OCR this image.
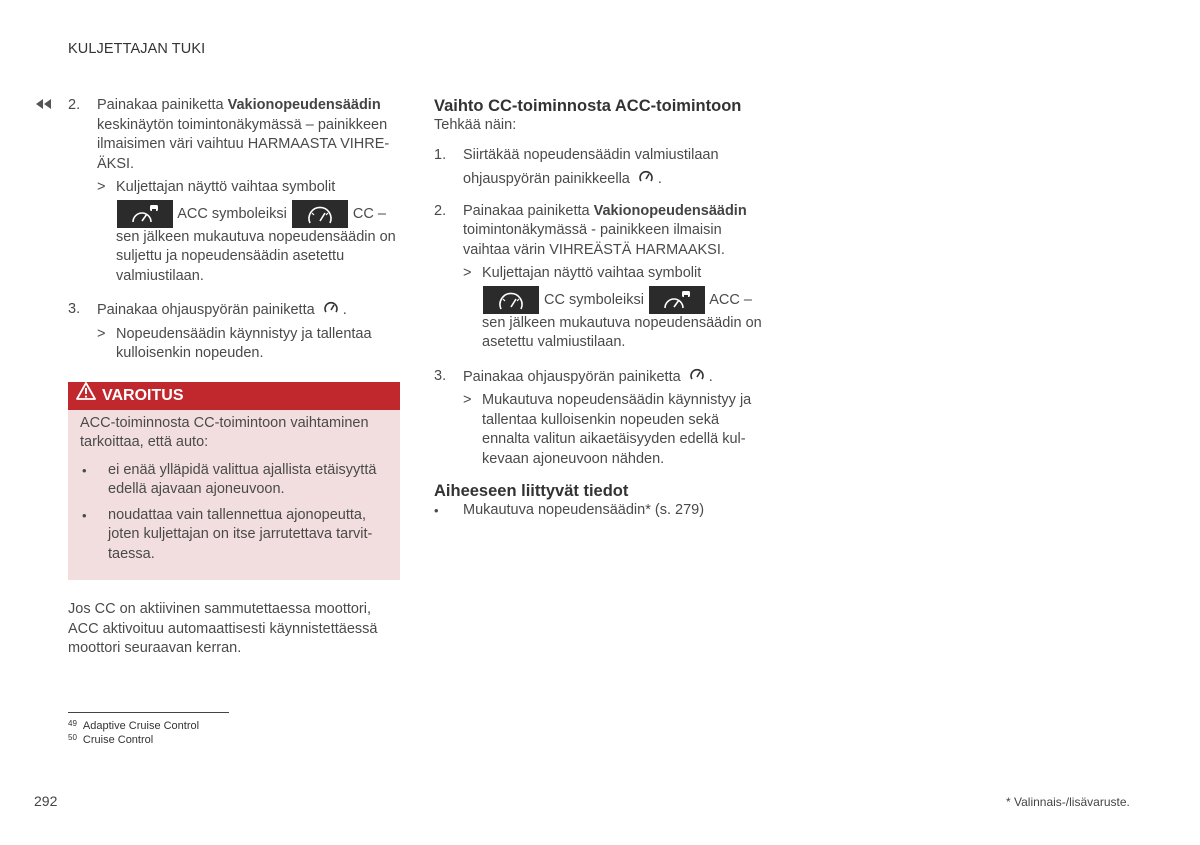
KULJETTAJAN TUKI
2. Painakaa painiketta Vakionopeudensäädin keskinäytön toimintonäkymässä – painikkeen ilmaisimen väri vaihtuu HARMAASTA VIHRE-ÄKSI.
> Kuljettajan näyttö vaihtaa symbolit
ACC symboleiksi	CC –
sen jälkeen mukautuva nopeudensäädin on suljettu ja nopeudensäädin asetettu valmiustilaan.
3. Painakaa ohjauspyörän painiketta .
> Nopeudensäädin käynnistyy ja tallentaa kulloisenkin nopeuden.
VAROITUS
ACC-toiminnosta CC-toimintoon vaihtaminen tarkoittaa, että auto:
• ei enää ylläpidä valittua ajallista etäisyyttä edellä ajavaan ajoneuvoon.
• noudattaa vain tallennettua ajonopeutta, joten kuljettajan on itse jarrutettava tarvit-taessa.
Jos CC on aktiivinen sammutettaessa moottori, ACC aktivoituu automaattisesti käynnistettäessä moottori seuraavan kerran.
Vaihto CC-toiminnosta ACC-toimintoon
Tehkää näin:
1. Siirtäkää nopeudensäädin valmiustilaan
ohjauspyörän painikkeella .
2. Painakaa painiketta Vakionopeudensäädin toimintonäkymässä - painikkeen ilmaisin vaihtaa värin VIHREÄSTÄ HARMAAKSI.
> Kuljettajan näyttö vaihtaa symbolit
CC symboleiksi	ACC –
sen jälkeen mukautuva nopeudensäädin on asetettu valmiustilaan.
3. Painakaa ohjauspyörän painiketta .
> Mukautuva nopeudensäädin käynnistyy ja tallentaa kulloisenkin nopeuden sekä ennalta valitun aikaetäisyyden edellä kul-kevaan ajoneuvoon nähden.
Aiheeseen liittyvät tiedot
• Mukautuva nopeudensäädin* (s. 279)
$^{49}$ Adaptive Cruise Control
$^{50}$ Cruise Control
292	* Valinnais-/lisävaruste.
